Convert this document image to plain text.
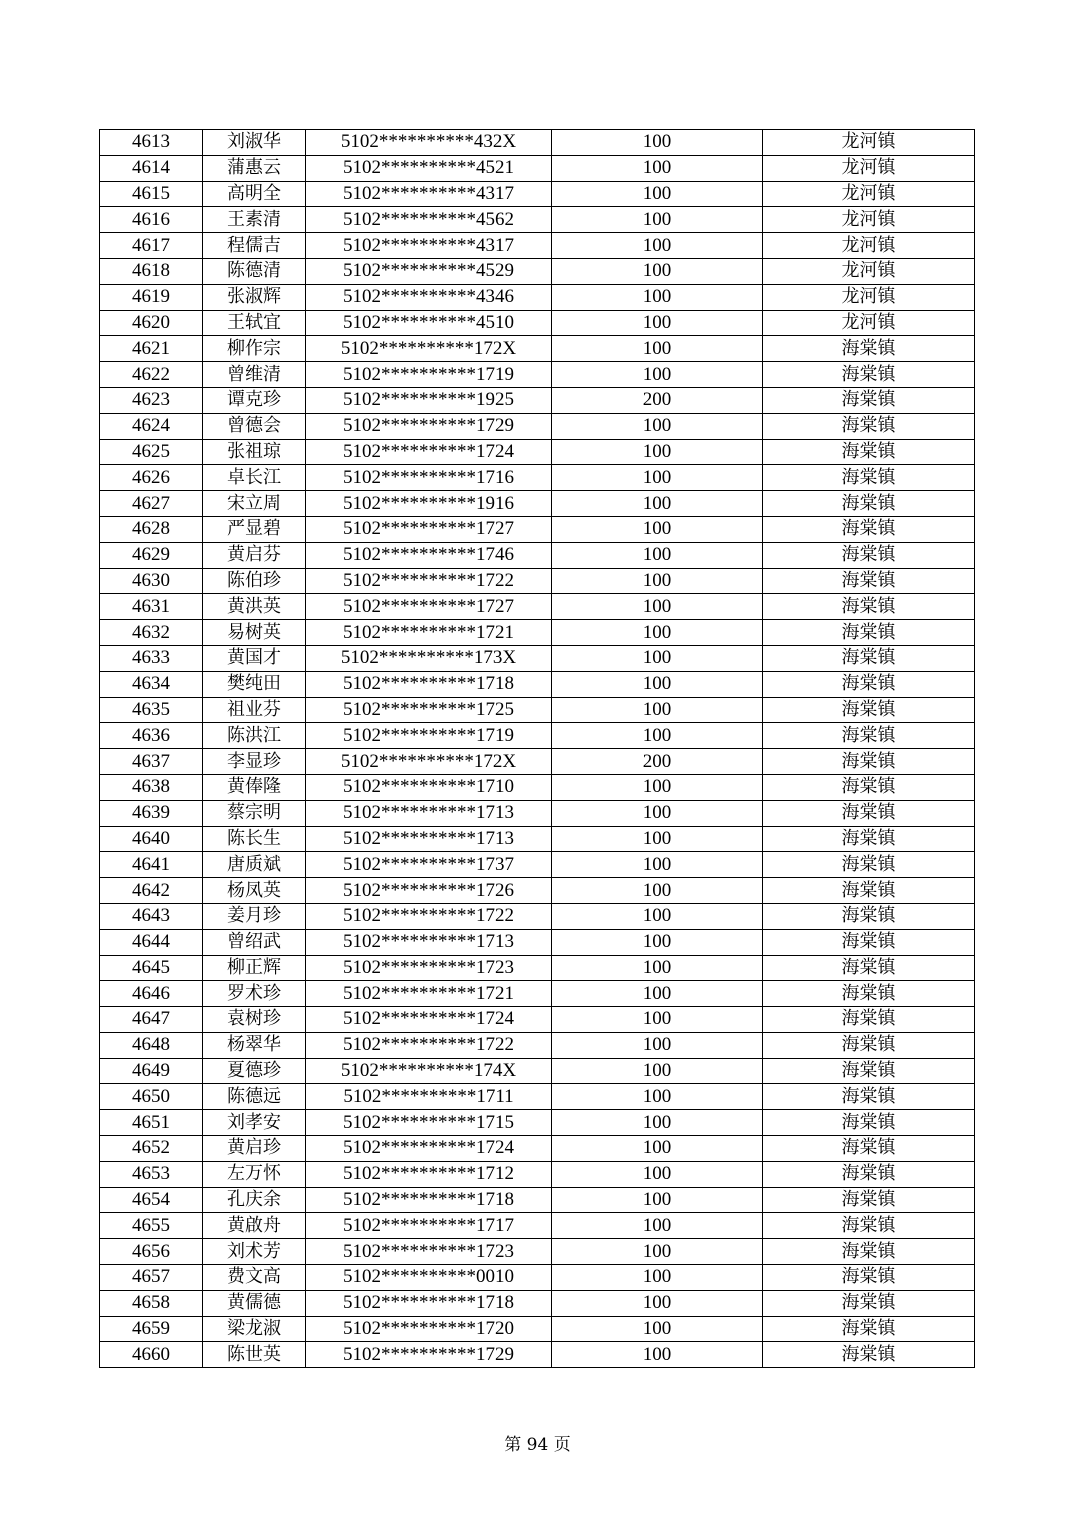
4613	刘淑华	5102**********432X	100	龙河镇
4614	蒲惠云	5102**********4521	100	龙河镇
4615	高明全	5102**********4317	100	龙河镇
4616	王素清	5102**********4562	100	龙河镇
4617	程儒吉	5102**********4317	100	龙河镇
4618	陈德清	5102**********4529	100	龙河镇
4619	张淑辉	5102**********4346	100	龙河镇
4620	王轼宜	5102**********4510	100	龙河镇
4621	柳作宗	5102**********172X	100	海棠镇
4622	曾维清	5102**********1719	100	海棠镇
4623	谭克珍	5102**********1925	200	海棠镇
4624	曾德会	5102**********1729	100	海棠镇
4625	张祖琼	5102**********1724	100	海棠镇
4626	卓长江	5102**********1716	100	海棠镇
4627	宋立周	5102**********1916	100	海棠镇
4628	严显碧	5102**********1727	100	海棠镇
4629	黄启芬	5102**********1746	100	海棠镇
4630	陈伯珍	5102**********1722	100	海棠镇
4631	黄洪英	5102**********1727	100	海棠镇
4632	易树英	5102**********1721	100	海棠镇
4633	黄国才	5102**********173X	100	海棠镇
4634	樊纯田	5102**********1718	100	海棠镇
4635	祖业芬	5102**********1725	100	海棠镇
4636	陈洪江	5102**********1719	100	海棠镇
4637	李显珍	5102**********172X	200	海棠镇
4638	黄俸隆	5102**********1710	100	海棠镇
4639	蔡宗明	5102**********1713	100	海棠镇
4640	陈长生	5102**********1713	100	海棠镇
4641	唐质斌	5102**********1737	100	海棠镇
4642	杨凤英	5102**********1726	100	海棠镇
4643	姜月珍	5102**********1722	100	海棠镇
4644	曾绍武	5102**********1713	100	海棠镇
4645	柳正辉	5102**********1723	100	海棠镇
4646	罗术珍	5102**********1721	100	海棠镇
4647	袁树珍	5102**********1724	100	海棠镇
4648	杨翠华	5102**********1722	100	海棠镇
4649	夏德珍	5102**********174X	100	海棠镇
4650	陈德远	5102**********1711	100	海棠镇
4651	刘孝安	5102**********1715	100	海棠镇
4652	黄启珍	5102**********1724	100	海棠镇
4653	左万怀	5102**********1712	100	海棠镇
4654	孔庆余	5102**********1718	100	海棠镇
4655	黄啟舟	5102**********1717	100	海棠镇
4656	刘术芳	5102**********1723	100	海棠镇
4657	费文高	5102**********0010	100	海棠镇
4658	黄儒德	5102**********1718	100	海棠镇
4659	梁龙淑	5102**********1720	100	海棠镇
4660	陈世英	5102**********1729	100	海棠镇
第 94 页
